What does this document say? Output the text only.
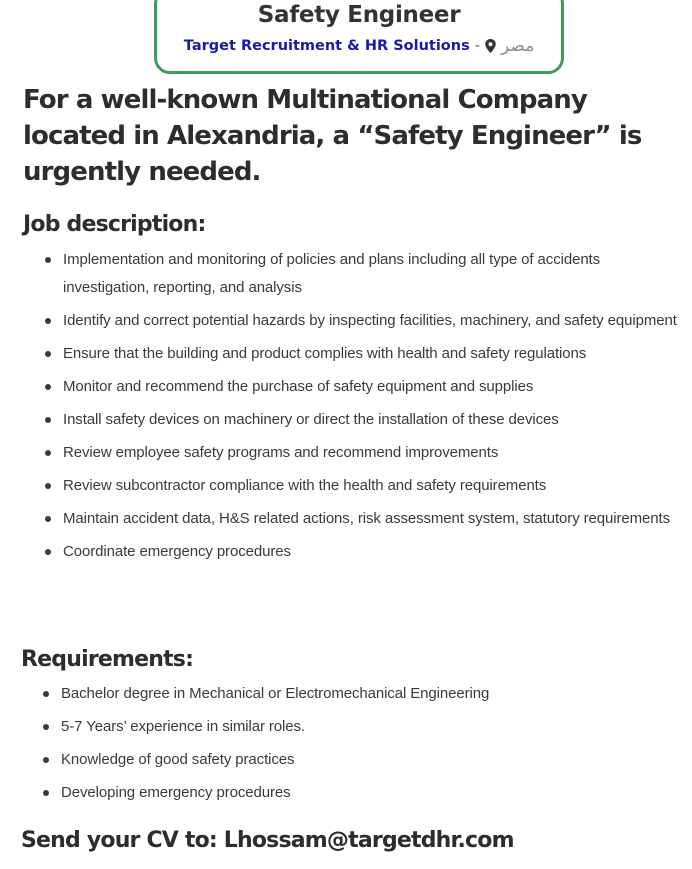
Safety Engineer
Target Recruitment & HR Solutions - مصر
For a well-known Multinational Company located in Alexandria, a “Safety Engineer” is urgently needed.
Job description:
Implementation and monitoring of policies and plans including all type of accidents investigation, reporting, and analysis
Identify and correct potential hazards by inspecting facilities, machinery, and safety equipment
Ensure that the building and product complies with health and safety regulations
Monitor and recommend the purchase of safety equipment and supplies
Install safety devices on machinery or direct the installation of these devices
Review employee safety programs and recommend improvements
Review subcontractor compliance with the health and safety requirements
Maintain accident data, H&S related actions, risk assessment system, statutory requirements
Coordinate emergency procedures
Requirements:
Bachelor degree in Mechanical or Electromechanical Engineering
5-7 Years’ experience in similar roles.
Knowledge of good safety practices
Developing emergency procedures
Send your CV to: Lhossam@targetdhr.com
